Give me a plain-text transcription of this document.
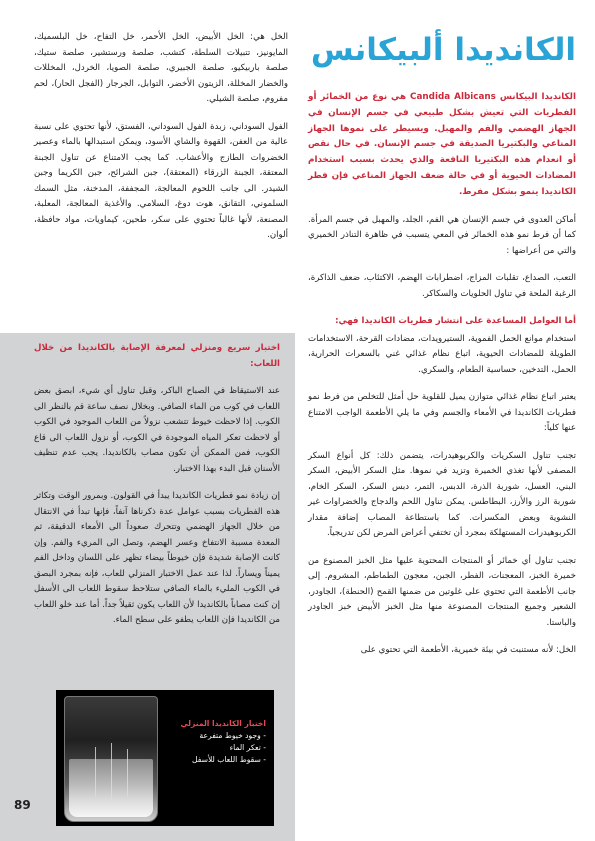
الكانديدا ألبيكانس

الكانديدا البيكانس Candida Albicans هي نوع من الخمائر أو الفطريات التي تعيش بشكل طبيعي في جسم الإنسان في الجهاز الهضمي والفم والمهبل. ويسيطر على نموها الجهاز المناعي والبكتيريا الصديقة في جسم الإنسان. في حال نقص أو انعدام هذه البكتيريا النافعة والذي يحدث بسبب استخدام المضادات الحيوية أو في حالة ضعف الجهاز المناعي فإن فطر الكانديدا ينمو بشكل مفرط.

أماكن العدوى في جسم الإنسان هي الفم، الجلد، والمهبل في جسم المرأة. كما أن فرط نمو هذه الخمائر في المعي يتسبب في ظاهرة التناذر الخميري والتي من أعراضها :

التعب، الصداع، تقلبات المزاج، اضطرابات الهضم، الاكتئاب، ضعف الذاكرة، الرغبة الملحة في تناول الحلويات والسكاكر.

أما العوامل المساعدة على انتشار فطريات الكانديدا فهي:

استخدام موانع الحمل الفموية، الستيرويدات، مضادات القرحة، الاستخدامات الطويلة للمضادات الحيوية، اتباع نظام غذائي غني بالسعرات الحرارية، الحمل، التدخين، حساسية الطعام، والسكري.

يعتبر اتباع نظام غذائي متوازن يميل للقلوية حل أمثل للتخلص من فرط نمو فطريات الكانديدا في الأمعاء والجسم وفي ما يلي الأطعمة الواجب الامتناع عنها كلياً:

تجنب تناول السكريات والكربوهيدرات، يتضمن ذلك: كل أنواع السكر المصفى لأنها تغذي الخميرة وتزيد في نموها. مثل السكر الأبيض، السكر البني، العسل، شوربة الذرة، الدبس، التمر، دبس السكر، السكر الخام، شوربة الرز والأرز، البطاطس. يمكن تناول اللحم والدجاج والخضراوات غير النشوية وبعض المكسرات. كما باستطاعة المصاب إضافة مقدار الكربوهيدرات المستهلكة بمجرد أن تختفي أعراض المرض لكن تدريجياً.

تجنب تناول أي خمائر أو المنتجات المحتوية عليها مثل الخبز المصنوع من خميرة الخبز، المعجنات، الفطر، الجبن، معجون الطماطم، المشروم. إلى جانب الأطعمة التي تحتوي على غلوتين من ضمنها القمح (الحنطة)، الجاودر، الشعير وجميع المنتجات المصنوعة منها مثل الخبز الأبيض خبز الجاودر والباستا.

الخل: لأنه مستنبت في بيئة خميرية، الأطعمة التي تحتوي على

الخل هي: الخل الأبيض، الخل الأحمر، خل التفاح، خل البلسميك، المايونيز، تتبيلات السلطة، كتشب، صلصة ورستشير، صلصة ستيك، صلصة باربيكيو، صلصة الجبيري، صلصة الصويا، الخردل، المخللات والخضار المخللة، الزيتون الأخضر، التوابل، الجرجار (الفجل الحار)، لحم مفروم، صلصة الشيلي.

الفول السوداني، زبدة الفول السوداني، الفستق، لأنها تحتوي على نسبة عالية من العفن، القهوة والشاي الأسود، ويمكن استبدالها بالماء وعصير الخضروات الطازج والأعشاب. كما يجب الامتناع عن تناول الجبنة المعتقة، الجبنة الزرقاء (المعتقة)، جبن الشرائح، جبن الكريما وجبن الشيدر. الى جانب اللحوم المعالجة، المجففة، المدخنة، مثل السمك السلموني، التقانق، هوت دوغ، السلامي. والأغذية المعالجة، المعلبة، المصنعة، لأنها غالباً تحتوي على سكر، طحين، كيماويات، مواد حافظة، ألوان.

اختبار سريع ومنزلي لمعرفة الإصابة بالكانديدا من خلال اللعاب:

عند الاستيقاظ في الصباح الباكر، وقبل تناول أي شيء، ابصق بعض اللعاب في كوب من الماء الصافي. وبخلال نصف ساعة قم بالنظر الى الكوب. إذا لاحظت خيوط تتشعب نزولاً من اللعاب الموجود في الكوب أو لاحظت تعكر المياه الموجودة في الكوب، أو نزول اللعاب الى قاع الكوب، فمن الممكن أن تكون مصاب بالكانديدا. يجب عدم تنظيف الأسنان قبل البدء بهذا الاختبار.

إن زيادة نمو فطريات الكانديدا يبدأ في القولون. وبمرور الوقت وتكاثر هذه الفطريات بسبب عوامل عدة ذكرناها آنفاً، فإنها تبدأ في الانتقال من خلال الجهاز الهضمي وتتحرك صعوداً الى الأمعاء الدقيقة، ثم المعدة مسببة الانتفاخ وعسر الهضم، وتصل الى المريء والفم. وإن كانت الإصابة شديدة فإن خيوطاً بيضاء تظهر على اللسان وداخل الفم يميناً ويساراً. لذا عند عمل الاختبار المنزلي للعاب، فإنه بمجرد البصق في الكوب المليء بالماء الصافي ستلاحظ سقوط اللعاب الى الأسفل إن كنت مصاباً بالكانديدا لأن اللعاب يكون ثقيلاً جداً. أما عند خلو اللعاب من الكانديدا فإن اللعاب يطفو على سطح الماء.

اختبار الكانديدا المنزلي
- وجود خيوط متفرعة
- تعكر الماء
- سقوط اللعاب للأسفل
89
